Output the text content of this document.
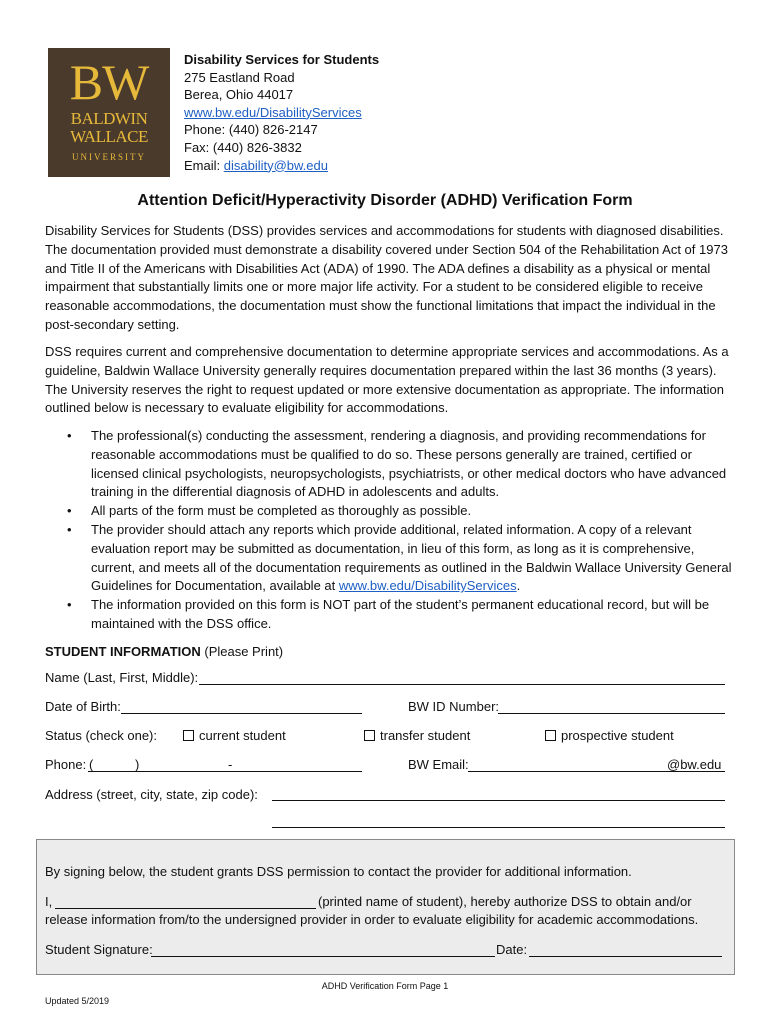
BW
BALDWIN
WALLACE
UNIVERSITY
Disability Services for Students
275 Eastland Road
Berea, Ohio 44017
www.bw.edu/DisabilityServices
Phone: (440) 826-2147
Fax: (440) 826-3832
Email: disability@bw.edu
Attention Deficit/Hyperactivity Disorder (ADHD) Verification Form
Disability Services for Students (DSS) provides services and accommodations for students with diagnosed disabilities. The documentation provided must demonstrate a disability covered under Section 504 of the Rehabilitation Act of 1973 and Title II of the Americans with Disabilities Act (ADA) of 1990. The ADA defines a disability as a physical or mental impairment that substantially limits one or more major life activity. For a student to be considered eligible to receive reasonable accommodations, the documentation must show the functional limitations that impact the individual in the post-secondary setting.
DSS requires current and comprehensive documentation to determine appropriate services and accommodations. As a guideline, Baldwin Wallace University generally requires documentation prepared within the last 36 months (3 years). The University reserves the right to request updated or more extensive documentation as appropriate. The information outlined below is necessary to evaluate eligibility for accommodations.
• The professional(s) conducting the assessment, rendering a diagnosis, and providing recommendations for reasonable accommodations must be qualified to do so. These persons generally are trained, certified or licensed clinical psychologists, neuropsychologists, psychiatrists, or other medical doctors who have advanced training in the differential diagnosis of ADHD in adolescents and adults.
• All parts of the form must be completed as thoroughly as possible.
• The provider should attach any reports which provide additional, related information. A copy of a relevant evaluation report may be submitted as documentation, in lieu of this form, as long as it is comprehensive, current, and meets all of the documentation requirements as outlined in the Baldwin Wallace University General Guidelines for Documentation, available at www.bw.edu/DisabilityServices.
• The information provided on this form is NOT part of the student’s permanent educational record, but will be maintained with the DSS office.
STUDENT INFORMATION (Please Print)
Name (Last, First, Middle):
Date of Birth:	BW ID Number:
Status (check one):	current student	transfer student	prospective student
Phone: (	)	-	BW Email:	@bw.edu
Address (street, city, state, zip code):
By signing below, the student grants DSS permission to contact the provider for additional information.
I,	(printed name of student), hereby authorize DSS to obtain and/or
release information from/to the undersigned provider in order to evaluate eligibility for academic accommodations.
Student Signature:	Date:
ADHD Verification Form Page 1
Updated 5/2019
